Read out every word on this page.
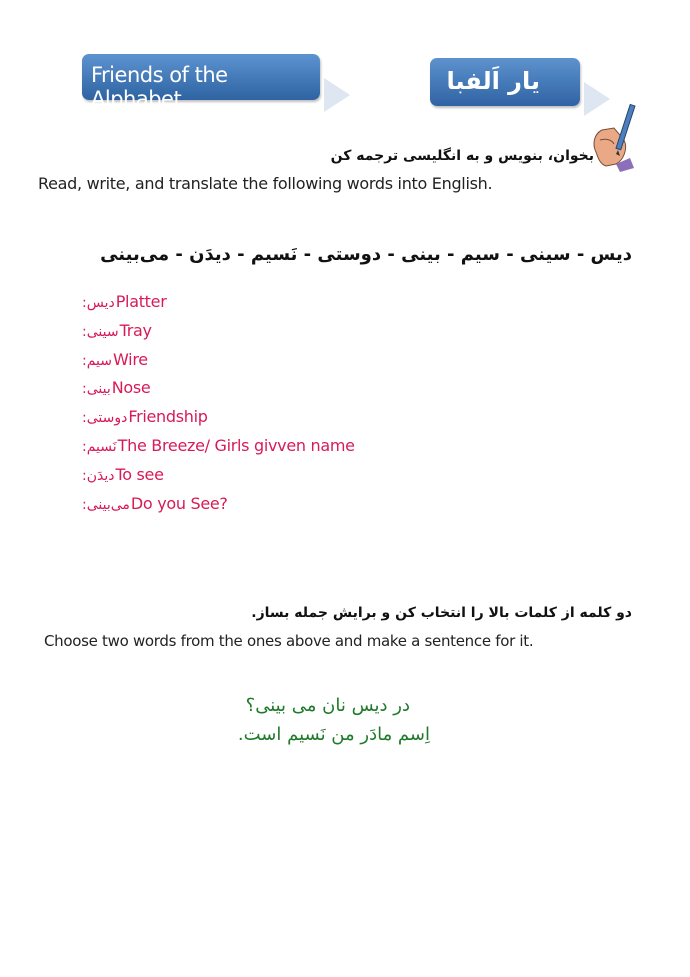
Friends of the Alphabet
یار اَلفبا
بخوان، بنویس و به انگلیسی ترجمه کن
Read, write, and translate the following words into English.
دیس - سینی - سیم - بینی - دوستی - نَسیم - دیدَن - می‌بینی
دیس:Platter
سینی:Tray
سیم:Wire
بینی:Nose
دوستی:Friendship
نَسیم:The Breeze/ Girls givven name
دیدَن:To see
می‌بینی:Do you See?
دو کلمه از کلمات بالا را انتخاب کن و برایش جمله بساز.
Choose two words from the ones above and make a sentence for it.
در دیس نان می بینی؟
اِسم مادَر من نَسیم است.
